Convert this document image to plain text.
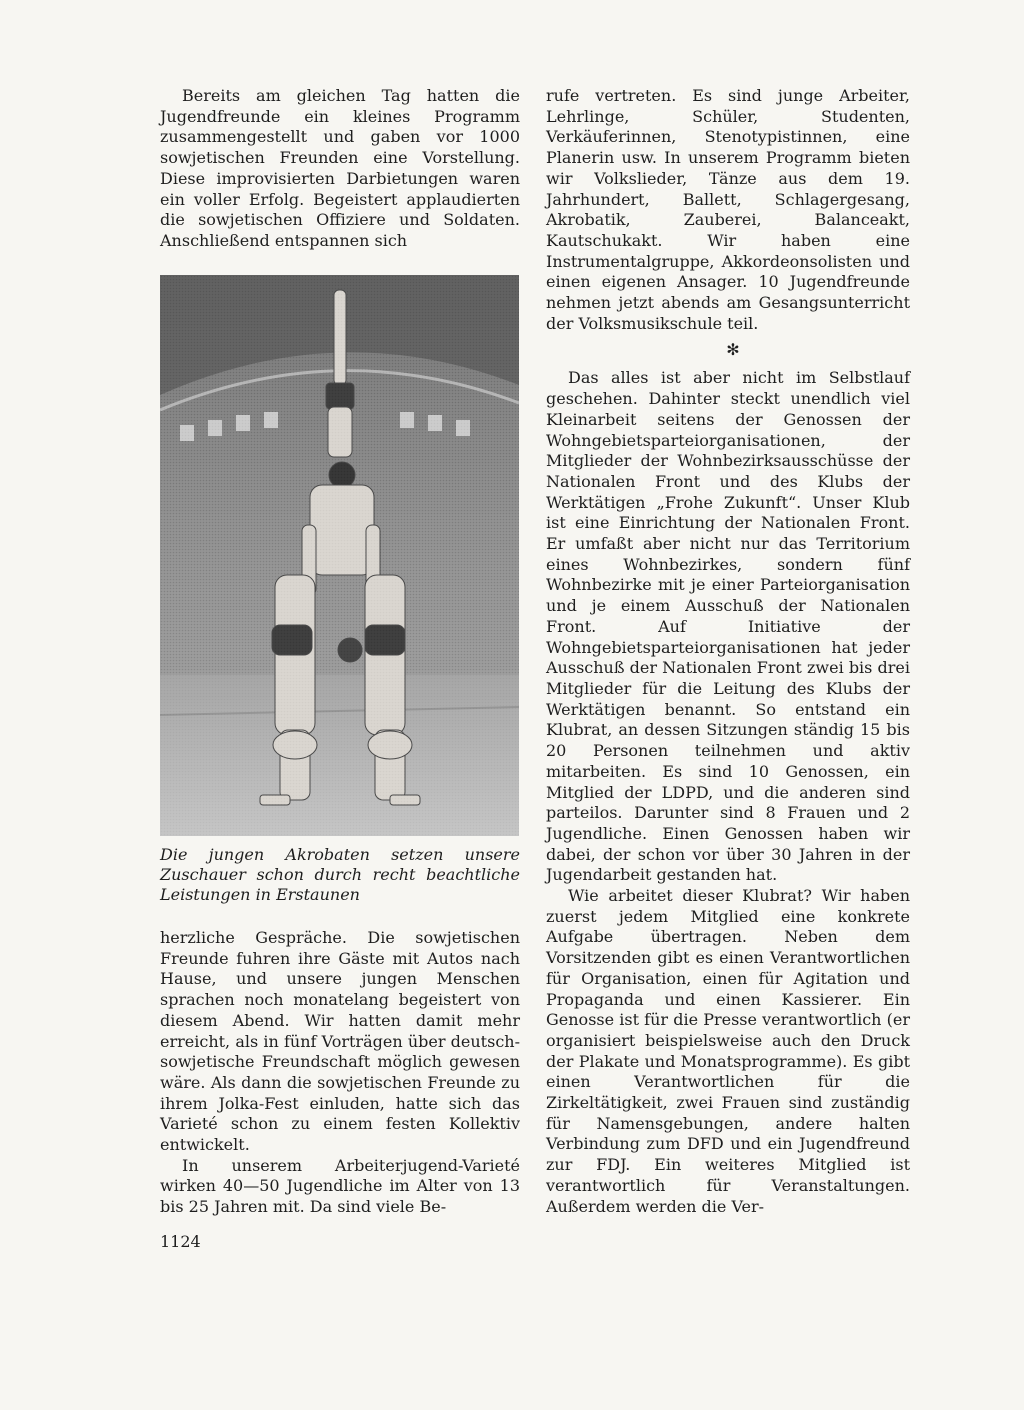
Bereits am gleichen Tag hatten die Jugendfreunde ein kleines Programm zusammengestellt und gaben vor 1000 sowjetischen Freunden eine Vorstellung. Diese improvisierten Darbietungen waren ein voller Erfolg. Begeistert applaudierten die sowjetischen Offiziere und Soldaten. Anschließend entspannen sich

Die jungen Akrobaten setzen unsere Zuschauer schon durch recht beachtliche Leistungen in Erstaunen

herzliche Gespräche. Die sowjetischen Freunde fuhren ihre Gäste mit Autos nach Hause, und unsere jungen Menschen sprachen noch monatelang begeistert von diesem Abend. Wir hatten damit mehr erreicht, als in fünf Vorträgen über deutsch-sowjetische Freundschaft möglich gewesen wäre. Als dann die sowjetischen Freunde zu ihrem Jolka-Fest einluden, hatte sich das Varieté schon zu einem festen Kollektiv entwickelt.

In unserem Arbeiterjugend-Varieté wirken 40—50 Jugendliche im Alter von 13 bis 25 Jahren mit. Da sind viele Be-

rufe vertreten. Es sind junge Arbeiter, Lehrlinge, Schüler, Studenten, Verkäuferinnen, Stenotypistinnen, eine Planerin usw. In unserem Programm bieten wir Volkslieder, Tänze aus dem 19. Jahrhundert, Ballett, Schlagergesang, Akrobatik, Zauberei, Balanceakt, Kautschukakt. Wir haben eine Instrumentalgruppe, Akkordeonsolisten und einen eigenen Ansager. 10 Jugendfreunde nehmen jetzt abends am Gesangsunterricht der Volksmusikschule teil.

✻

Das alles ist aber nicht im Selbstlauf geschehen. Dahinter steckt unendlich viel Kleinarbeit seitens der Genossen der Wohngebietsparteiorganisationen, der Mitglieder der Wohnbezirksausschüsse der Nationalen Front und des Klubs der Werktätigen „Frohe Zukunft“. Unser Klub ist eine Einrichtung der Nationalen Front. Er umfaßt aber nicht nur das Territorium eines Wohnbezirkes, sondern fünf Wohnbezirke mit je einer Parteiorganisation und je einem Ausschuß der Nationalen Front. Auf Initiative der Wohngebietsparteiorganisationen hat jeder Ausschuß der Nationalen Front zwei bis drei Mitglieder für die Leitung des Klubs der Werktätigen benannt. So entstand ein Klubrat, an dessen Sitzungen ständig 15 bis 20 Personen teilnehmen und aktiv mitarbeiten. Es sind 10 Genossen, ein Mitglied der LDPD, und die anderen sind parteilos. Darunter sind 8 Frauen und 2 Jugendliche. Einen Genossen haben wir dabei, der schon vor über 30 Jahren in der Jugendarbeit gestanden hat.

Wie arbeitet dieser Klubrat? Wir haben zuerst jedem Mitglied eine konkrete Aufgabe übertragen. Neben dem Vorsitzenden gibt es einen Verantwortlichen für Organisation, einen für Agitation und Propaganda und einen Kassierer. Ein Genosse ist für die Presse verantwortlich (er organisiert beispielsweise auch den Druck der Plakate und Monatsprogramme). Es gibt einen Verantwortlichen für die Zirkeltätigkeit, zwei Frauen sind zuständig für Namensgebungen, andere halten Verbindung zum DFD und ein Jugendfreund zur FDJ. Ein weiteres Mitglied ist verantwortlich für Veranstaltungen. Außerdem werden die Ver-

1124
